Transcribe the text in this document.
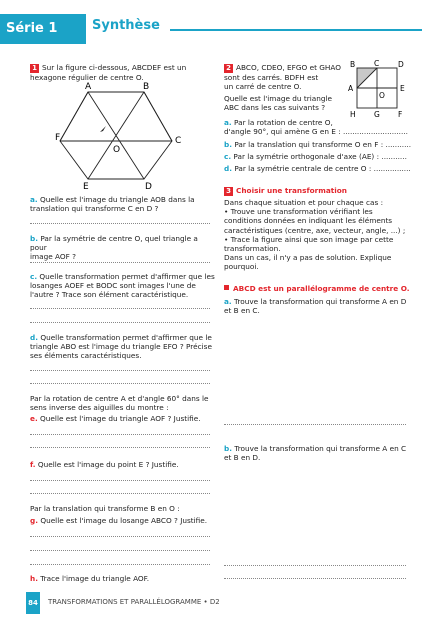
Série 1	Synthèse
1 Sur la figure ci-dessous, ABCDEF est un
hexagone régulier de centre O.
A	B
C
D
E
F
O
a. Quelle est l'image du triangle AOB dans la
translation qui transforme C en D ?
b. Par la symétrie de centre O, quel triangle a pour
image AOF ?
c. Quelle transformation permet d'affirmer que les
losanges AOEF et BODC sont images l'une de
l'autre ? Trace son élément caractéristique.
d. Quelle transformation permet d'affirmer que le
triangle ABO est l'image du triangle EFO ? Précise
ses éléments caractéristiques.
Par la rotation de centre A et d'angle 60° dans le
sens inverse des aiguilles du montre :
e. Quelle est l'image du triangle AOF ? Justifie.
f. Quelle est l'image du point E ? Justifie.
Par la translation qui transforme B en O :
g. Quelle est l'image du losange ABCO ? Justifie.
h. Trace l'image du triangle AOF.
2 ABCO, CDEO, EFGO et GHAO
sont des carrés. BDFH est
un carré de centre O.
Quelle est l'image du triangle
ABC dans les cas suivants ?
B	C	D
A	E
O
H G F
a. Par la rotation de centre O,
d'angle 90°, qui amène G en E : ............................
b. Par la translation qui transforme O en F : ...........
c. Par la symétrie orthogonale d'axe (AE) : ...........
d. Par la symétrie centrale de centre O : ................
3 Choisir une transformation
Dans chaque situation et pour chaque cas :
• Trouve une transformation vérifiant les
conditions données en indiquant les éléments
caractéristiques (centre, axe, vecteur, angle, ...) ;
• Trace la figure ainsi que son image par cette
transformation.
Dans un cas, il n'y a pas de solution. Explique
pourquoi.
ABCD est un parallélogramme de centre O.
a. Trouve la transformation qui transforme A en D
et B en C.
b. Trouve la transformation qui transforme A en C
et B en D.
84	TRANSFORMATIONS ET PARALLÉLOGRAMME • D2
